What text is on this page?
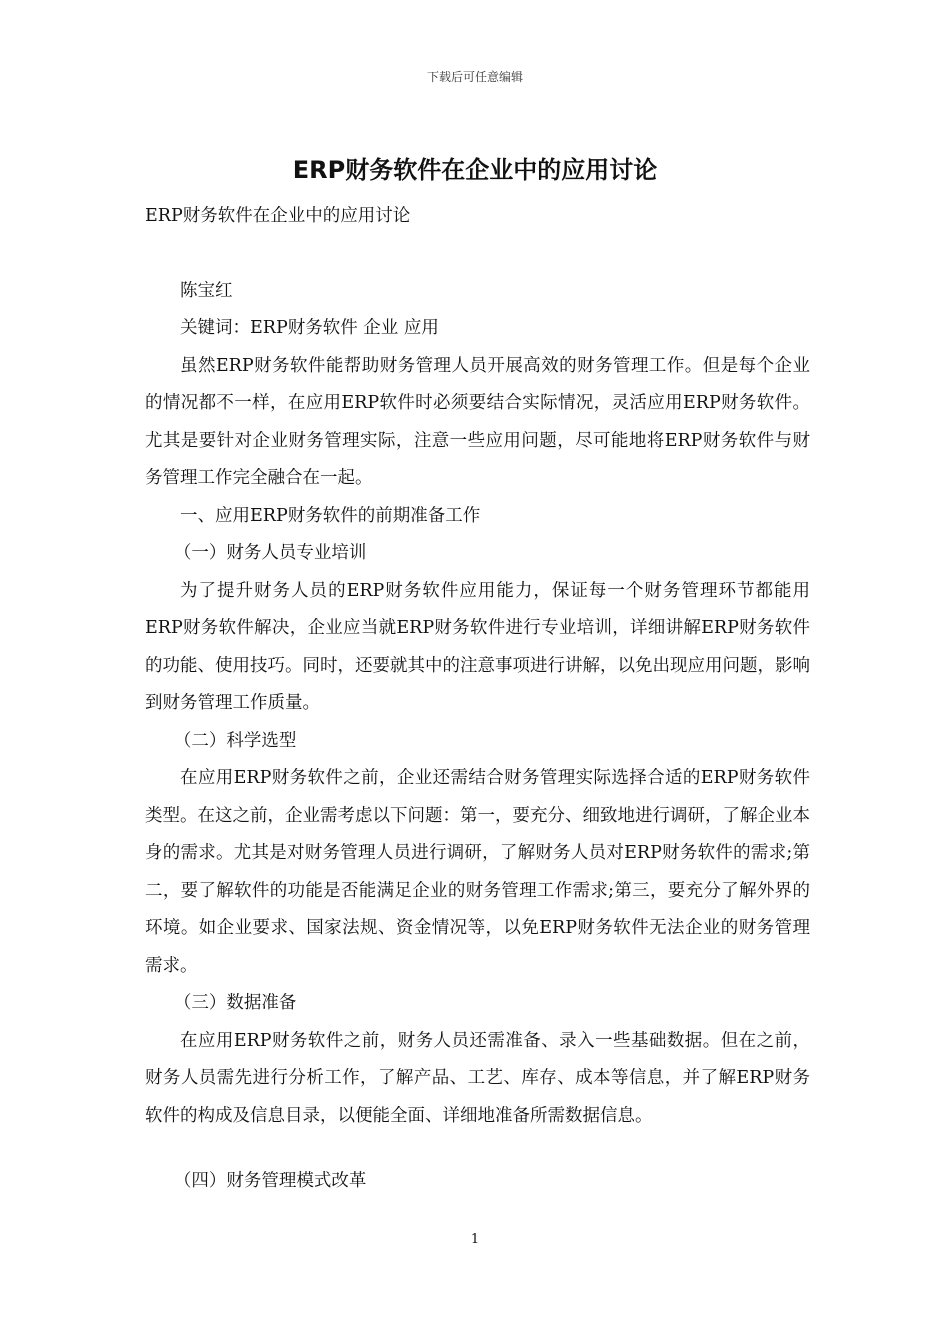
下载后可任意编辑
ERP财务软件在企业中的应用讨论

ERP财务软件在企业中的应用讨论

陈宝红

关键词：ERP财务软件 企业 应用

虽然ERP财务软件能帮助财务管理人员开展高效的财务管理工作。但是每个企业的情况都不一样，在应用ERP软件时必须要结合实际情况，灵活应用ERP财务软件。尤其是要针对企业财务管理实际，注意一些应用问题，尽可能地将ERP财务软件与财务管理工作完全融合在一起。

一、应用ERP财务软件的前期准备工作

（一）财务人员专业培训

为了提升财务人员的ERP财务软件应用能力，保证每一个财务管理环节都能用ERP财务软件解决，企业应当就ERP财务软件进行专业培训，详细讲解ERP财务软件的功能、使用技巧。同时，还要就其中的注意事项进行讲解，以免出现应用问题，影响到财务管理工作质量。

（二）科学选型

在应用ERP财务软件之前，企业还需结合财务管理实际选择合适的ERP财务软件类型。在这之前，企业需考虑以下问题：第一，要充分、细致地进行调研，了解企业本身的需求。尤其是对财务管理人员进行调研，了解财务人员对ERP财务软件的需求;第二，要了解软件的功能是否能满足企业的财务管理工作需求;第三，要充分了解外界的环境。如企业要求、国家法规、资金情况等，以免ERP财务软件无法企业的财务管理需求。

（三）数据准备

在应用ERP财务软件之前，财务人员还需准备、录入一些基础数据。但在之前，财务人员需先进行分析工作，了解产品、工艺、库存、成本等信息，并了解ERP财务软件的构成及信息目录，以便能全面、详细地准备所需数据信息。

（四）财务管理模式改革

1
